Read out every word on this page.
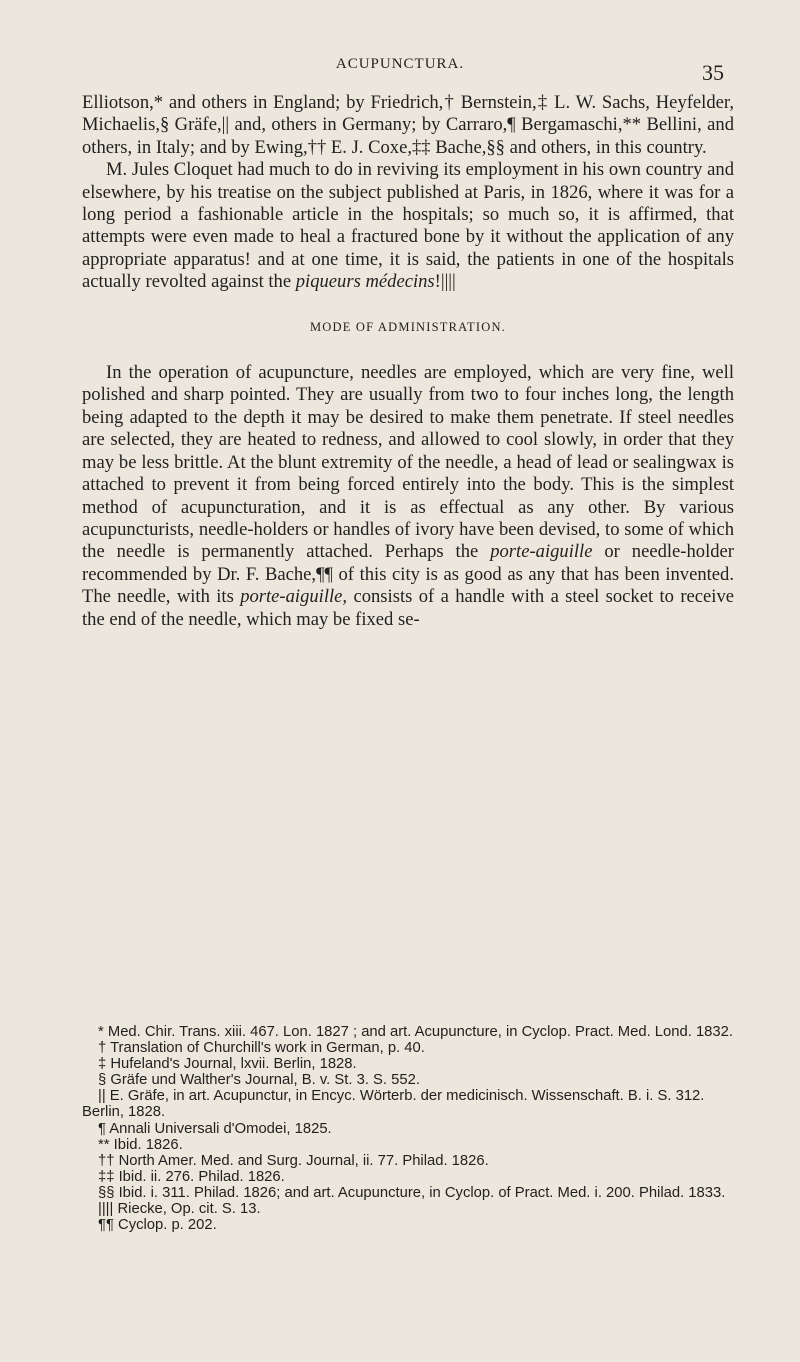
ACUPUNCTURA.	35

Elliotson,* and others in England; by Friedrich,† Bernstein,‡ L. W. Sachs, Heyfelder, Michaelis,§ Gräfe,|| and, others in Germany; by Carraro,¶ Bergamaschi,** Bellini, and others, in Italy; and by Ewing,†† E. J. Coxe,‡‡ Bache,§§ and others, in this country.

M. Jules Cloquet had much to do in reviving its employment in his own country and elsewhere, by his treatise on the subject published at Paris, in 1826, where it was for a long period a fashionable article in the hospitals; so much so, it is affirmed, that attempts were even made to heal a fractured bone by it without the application of any appropriate apparatus! and at one time, it is said, the patients in one of the hospitals actually revolted against the piqueurs médecins!||||

MODE OF ADMINISTRATION.

In the operation of acupuncture, needles are employed, which are very fine, well polished and sharp pointed. They are usually from two to four inches long, the length being adapted to the depth it may be desired to make them penetrate. If steel needles are selected, they are heated to redness, and allowed to cool slowly, in order that they may be less brittle. At the blunt extremity of the needle, a head of lead or sealingwax is attached to prevent it from being forced entirely into the body. This is the simplest method of acupuncturation, and it is as effectual as any other. By various acupuncturists, needle-holders or handles of ivory have been devised, to some of which the needle is permanently attached. Perhaps the porte-aiguille or needle-holder recommended by Dr. F. Bache,¶¶ of this city is as good as any that has been invented. The needle, with its porte-aiguille, consists of a handle with a steel socket to receive the end of the needle, which may be fixed se-

* Med. Chir. Trans. xiii. 467. Lon. 1827 ; and art. Acupuncture, in Cyclop. Pract. Med. Lond. 1832.

† Translation of Churchill's work in German, p. 40.

‡ Hufeland's Journal, lxvii. Berlin, 1828.

§ Gräfe und Walther's Journal, B. v. St. 3. S. 552.

|| E. Gräfe, in art. Acupunctur, in Encyc. Wörterb. der medicinisch. Wissenschaft. B. i. S. 312. Berlin, 1828.

¶ Annali Universali d'Omodei, 1825.

** Ibid. 1826.

†† North Amer. Med. and Surg. Journal, ii. 77. Philad. 1826.

‡‡ Ibid. ii. 276. Philad. 1826.

§§ Ibid. i. 311. Philad. 1826; and art. Acupuncture, in Cyclop. of Pract. Med. i. 200. Philad. 1833.

|||| Riecke, Op. cit. S. 13.

¶¶ Cyclop. p. 202.
